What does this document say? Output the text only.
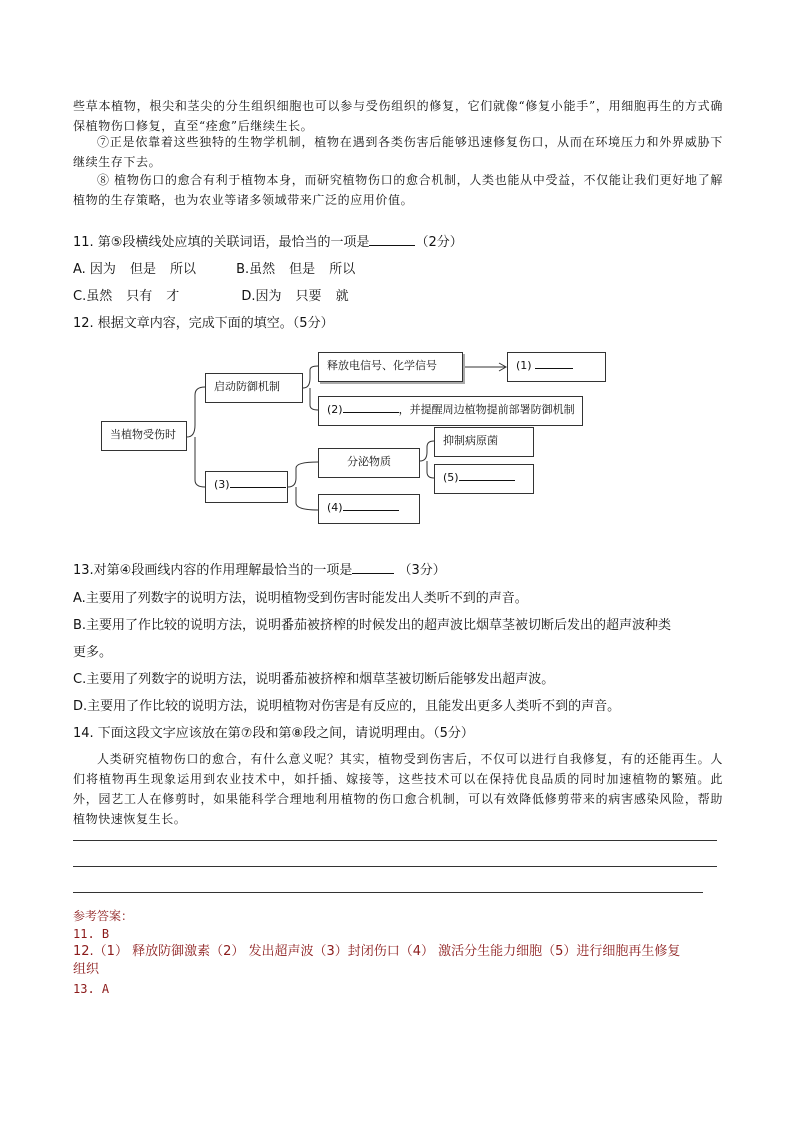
些草本植物，根尖和茎尖的分生组织细胞也可以参与受伤组织的修复，它们就像“修复小能手”，用细胞再生的方式确保植物伤口修复，直至“痊愈”后继续生长。
⑦正是依靠着这些独特的生物学机制，植物在遇到各类伤害后能够迅速修复伤口，从而在环境压力和外界威胁下继续生存下去。
⑧ 植物伤口的愈合有利于植物本身，而研究植物伤口的愈合机制，人类也能从中受益，不仅能让我们更好地了解植物的生存策略，也为农业等诸多领域带来广泛的应用价值。
11. 第⑤段横线处应填的关联词语，最恰当的一项是	（2分）
A. 因为 但是 所以	B.虽然 但是 所以
C.虽然 只有 才	D.因为 只要 就
12. 根据文章内容，完成下面的填空。（5分）
当植物受伤时
启动防御机制
释放电信号、化学信号	(1)
(2)	，并提醒周边植物提前部署防御机制
(3)
分泌物质
抑制病原菌
(5)
(4)
13.对第④段画线内容的作用理解最恰当的一项是	（3分）
A.主要用了列数字的说明方法，说明植物受到伤害时能发出人类听不到的声音。
B.主要用了作比较的说明方法，说明番茄被挤榨的时候发出的超声波比烟草茎被切断后发出的超声波种类
更多。
C.主要用了列数字的说明方法，说明番茄被挤榨和烟草茎被切断后能够发出超声波。
D.主要用了作比较的说明方法，说明植物对伤害是有反应的，且能发出更多人类听不到的声音。
14. 下面这段文字应该放在第⑦段和第⑧段之间，请说明理由。（5分）
人类研究植物伤口的愈合，有什么意义呢？其实，植物受到伤害后，不仅可以进行自我修复，有的还能再生。人们将植物再生现象运用到农业技术中，如扦插、嫁接等，这些技术可以在保持优良品质的同时加速植物的繁殖。此外，园艺工人在修剪时，如果能科学合理地利用植物的伤口愈合机制，可以有效降低修剪带来的病害感染风险，帮助植物快速恢复生长。
参考答案：
11. B
12.（1） 释放防御激素（2） 发出超声波（3）封闭伤口（4） 激活分生能力细胞（5）进行细胞再生修复
组织
13. A
